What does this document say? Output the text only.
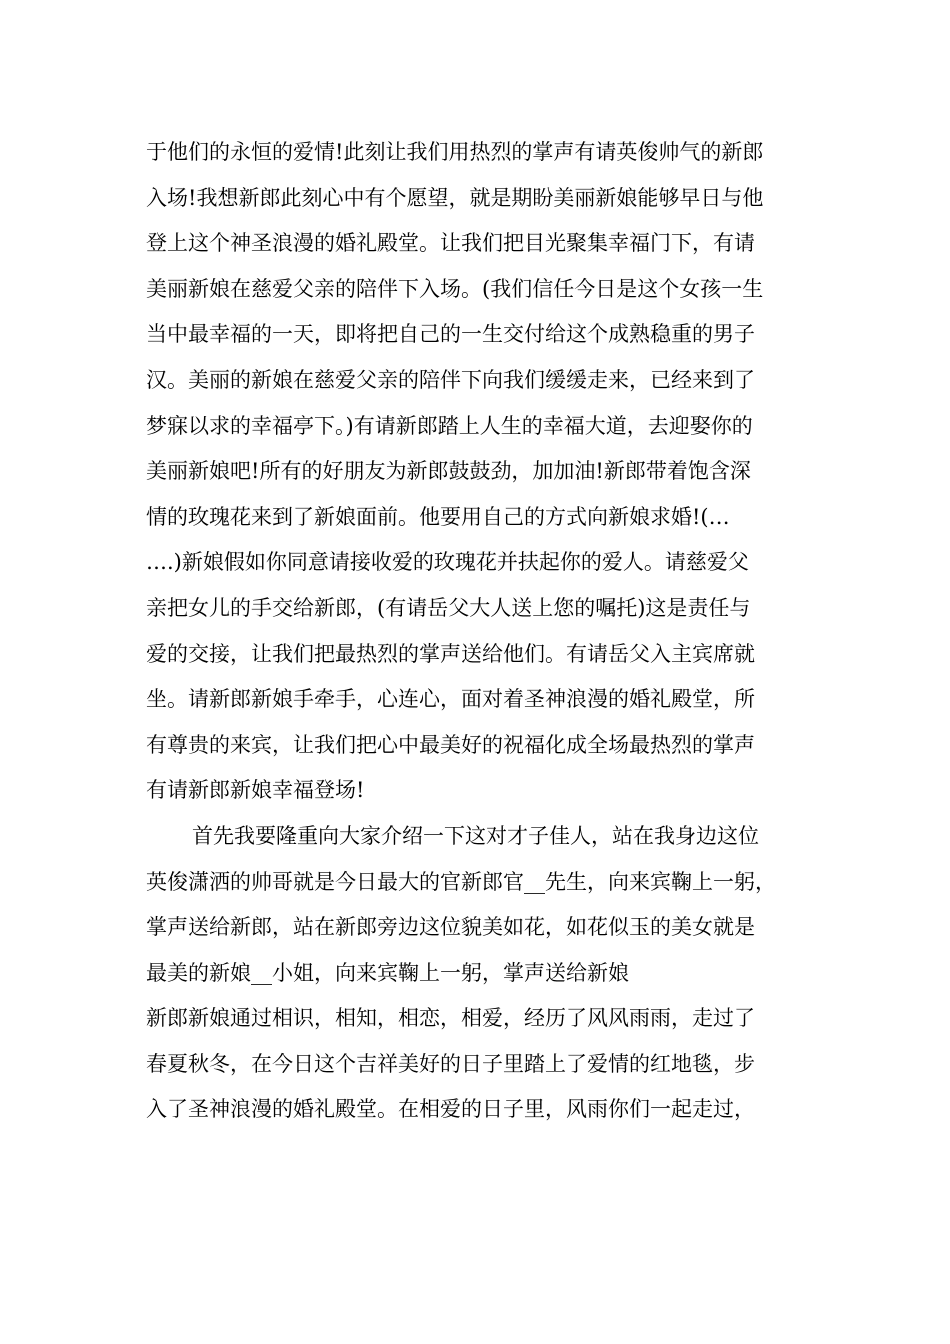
于他们的永恒的爱情!此刻让我们用热烈的掌声有请英俊帅气的新郎
入场!我想新郎此刻心中有个愿望，就是期盼美丽新娘能够早日与他
登上这个神圣浪漫的婚礼殿堂。让我们把目光聚集幸福门下，有请
美丽新娘在慈爱父亲的陪伴下入场。(我们信任今日是这个女孩一生
当中最幸福的一天，即将把自己的一生交付给这个成熟稳重的男子
汉。美丽的新娘在慈爱父亲的陪伴下向我们缓缓走来，已经来到了
梦寐以求的幸福亭下。)有请新郎踏上人生的幸福大道，去迎娶你的
美丽新娘吧!所有的好朋友为新郎鼓鼓劲，加加油!新郎带着饱含深
情的玫瑰花来到了新娘面前。他要用自己的方式向新娘求婚!(…
….)新娘假如你同意请接收爱的玫瑰花并扶起你的爱人。请慈爱父
亲把女儿的手交给新郎，(有请岳父大人送上您的嘱托)这是责任与
爱的交接，让我们把最热烈的掌声送给他们。有请岳父入主宾席就
坐。请新郎新娘手牵手，心连心，面对着圣神浪漫的婚礼殿堂，所
有尊贵的来宾，让我们把心中最美好的祝福化成全场最热烈的掌声
有请新郎新娘幸福登场!
首先我要隆重向大家介绍一下这对才子佳人，站在我身边这位
英俊潇洒的帅哥就是今日最大的官新郎官__先生，向来宾鞠上一躬，
掌声送给新郎，站在新郎旁边这位貌美如花，如花似玉的美女就是
最美的新娘__小姐，向来宾鞠上一躬，掌声送给新娘
新郎新娘通过相识，相知，相恋，相爱，经历了风风雨雨，走过了
春夏秋冬，在今日这个吉祥美好的日子里踏上了爱情的红地毯，步
入了圣神浪漫的婚礼殿堂。在相爱的日子里，风雨你们一起走过，
